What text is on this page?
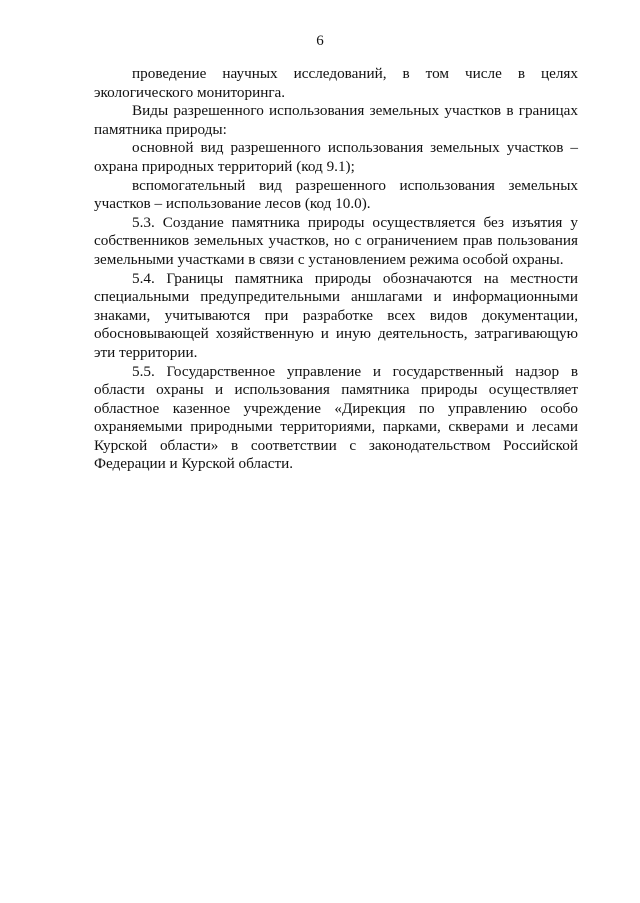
6

проведение научных исследований, в том числе в целях экологического мониторинга.

Виды разрешенного использования земельных участков в границах памятника природы:

основной вид разрешенного использования земельных участков – охрана природных территорий (код 9.1);

вспомогательный вид разрешенного использования земельных участков – использование лесов (код 10.0).

5.3. Создание памятника природы осуществляется без изъятия у собственников земельных участков, но с ограничением прав пользования земельными участками в связи с установлением режима особой охраны.

5.4. Границы памятника природы обозначаются на местности специальными предупредительными аншлагами и информационными знаками, учитываются при разработке всех видов документации, обосновывающей хозяйственную и иную деятельность, затрагивающую эти территории.

5.5. Государственное управление и государственный надзор в области охраны и использования памятника природы осуществляет областное казенное учреждение «Дирекция по управлению особо охраняемыми природными территориями, парками, скверами и лесами Курской области» в соответствии с законодательством Российской Федерации и Курской области.
